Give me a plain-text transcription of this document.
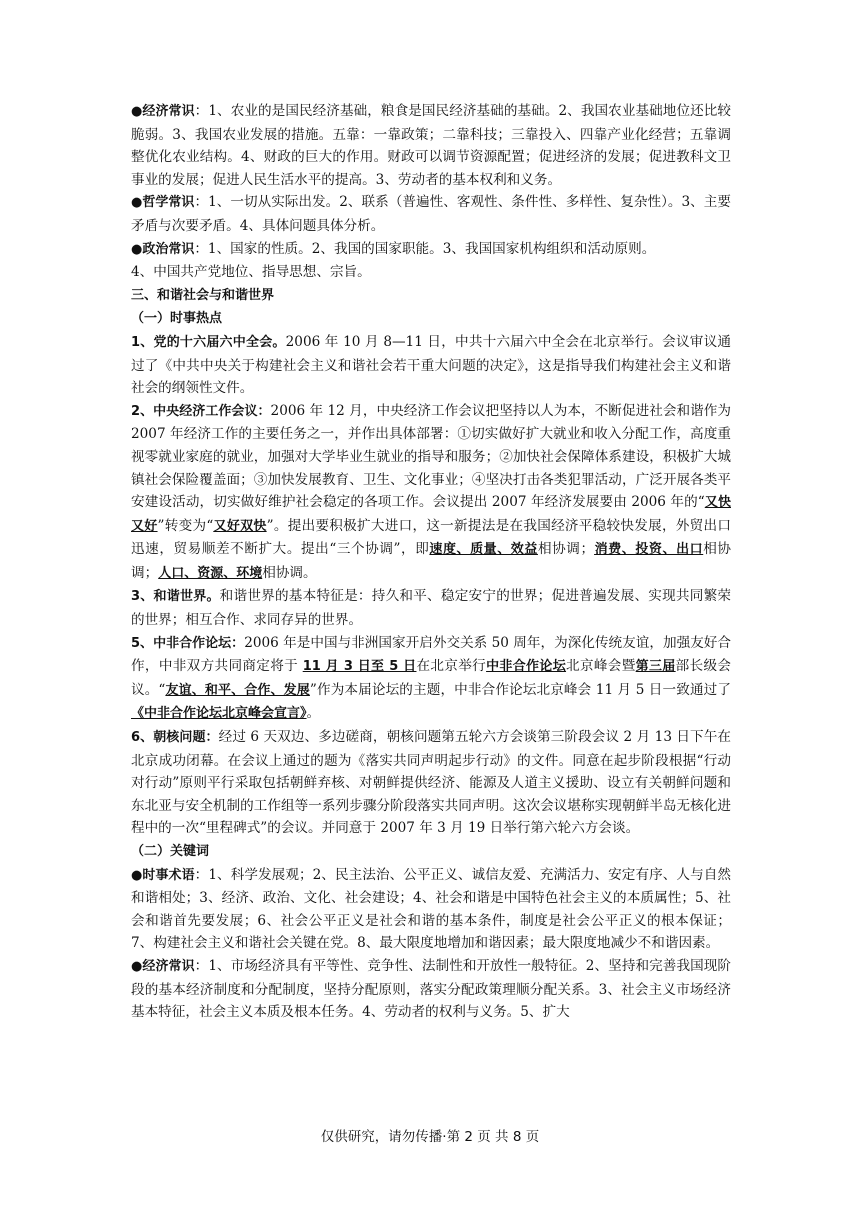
●经济常识：1、农业的是国民经济基础，粮食是国民经济基础的基础。2、我国农业基础地位还比较脆弱。3、我国农业发展的措施。五靠：一靠政策；二靠科技；三靠投入、四靠产业化经营；五靠调整优化农业结构。4、财政的巨大的作用。财政可以调节资源配置；促进经济的发展；促进教科文卫事业的发展；促进人民生活水平的提高。3、劳动者的基本权利和义务。

●哲学常识：1、一切从实际出发。2、联系（普遍性、客观性、条件性、多样性、复杂性）。3、主要矛盾与次要矛盾。4、具体问题具体分析。

●政治常识：1、国家的性质。2、我国的国家职能。3、我国国家机构组织和活动原则。

4、中国共产党地位、指导思想、宗旨。

三、和谐社会与和谐世界

（一）时事热点

1、党的十六届六中全会。2006 年 10 月 8—11 日，中共十六届六中全会在北京举行。会议审议通过了《中共中央关于构建社会主义和谐社会若干重大问题的决定》，这是指导我们构建社会主义和谐社会的纲领性文件。

2、中央经济工作会议：2006 年 12 月，中央经济工作会议把坚持以人为本，不断促进社会和谐作为 2007 年经济工作的主要任务之一，并作出具体部署：①切实做好扩大就业和收入分配工作，高度重视零就业家庭的就业，加强对大学毕业生就业的指导和服务；②加快社会保障体系建设，积极扩大城镇社会保险覆盖面；③加快发展教育、卫生、文化事业；④坚决打击各类犯罪活动，广泛开展各类平安建设活动，切实做好维护社会稳定的各项工作。会议提出 2007 年经济发展要由 2006 年的“又快又好”转变为“又好双快”。提出要积极扩大进口，这一新提法是在我国经济平稳较快发展，外贸出口迅速，贸易顺差不断扩大。提出“三个协调”，即速度、质量、效益相协调；消费、投资、出口相协调；人口、资源、环境相协调。

3、和谐世界。和谐世界的基本特征是：持久和平、稳定安宁的世界；促进普遍发展、实现共同繁荣的世界；相互合作、求同存异的世界。

5、中非合作论坛：2006 年是中国与非洲国家开启外交关系 50 周年，为深化传统友谊，加强友好合作，中非双方共同商定将于 11 月 3 日至 5 日在北京举行中非合作论坛北京峰会暨第三届部长级会议。“友谊、和平、合作、发展”作为本届论坛的主题，中非合作论坛北京峰会 11 月 5 日一致通过了《中非合作论坛北京峰会宣言》。

6、朝核问题：经过 6 天双边、多边磋商，朝核问题第五轮六方会谈第三阶段会议 2 月 13 日下午在北京成功闭幕。在会议上通过的题为《落实共同声明起步行动》的文件。同意在起步阶段根据“行动对行动”原则平行采取包括朝鲜弃核、对朝鲜提供经济、能源及人道主义援助、设立有关朝鲜问题和东北亚与安全机制的工作组等一系列步骤分阶段落实共同声明。这次会议堪称实现朝鲜半岛无核化进程中的一次“里程碑式”的会议。并同意于 2007 年 3 月 19 日举行第六轮六方会谈。

（二）关键词

●时事术语：1、科学发展观；2、民主法治、公平正义、诚信友爱、充满活力、安定有序、人与自然和谐相处；3、经济、政治、文化、社会建设；4、社会和谐是中国特色社会主义的本质属性；5、社会和谐首先要发展；6、社会公平正义是社会和谐的基本条件，制度是社会公平正义的根本保证；7、构建社会主义和谐社会关键在党。8、最大限度地增加和谐因素；最大限度地减少不和谐因素。

●经济常识：1、市场经济具有平等性、竞争性、法制性和开放性一般特征。2、坚持和完善我国现阶段的基本经济制度和分配制度，坚持分配原则，落实分配政策理顺分配关系。3、社会主义市场经济基本特征，社会主义本质及根本任务。4、劳动者的权利与义务。5、扩大

仅供研究，请勿传播·第 2 页 共 8 页
